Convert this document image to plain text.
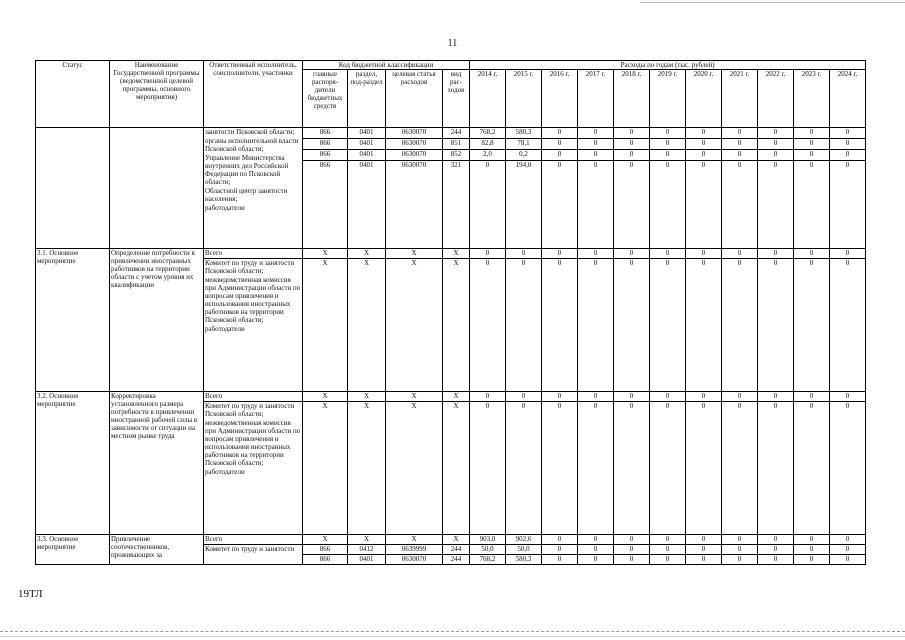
11
Статус	Наименование Государственной программы (ведомственной целевой программы, основного мероприятия)	Ответственный исполнитель, соисполнители, участники	Код бюджетной классификации				Расходы по годам (тыс. рублей)										
			главные распоря-дители бюджетных средств	раздел, под-раздел	целевая статья расходов	вид рас-ходов	2014 г.	2015 г.	2016 г.	2017 г.	2018 г.	2019 г.	2020 г.	2021 г.	2022 г.	2023 г.	2024 г.

		занятости Псковской области;
органы исполнительной власти Псковской области;
Управление Министерства внутренних дел Российской Федерации по Псковской области;
Областной центр занятости населения;
работодатели	866	0401	0630070	244	768,2	580,3	0	0	0	0	0	0	0	0	0
			866	0401	0630070	851	82,8	78,1	0	0	0	0	0	0	0	0	0
			866	0401	0630070	852	2,0	0,2	0	0	0	0	0	0	0	0	0
			866	0401	0630070	321	0	194,0	0	0	0	0	0	0	0	0	0
3.1. Основное мероприятие	Определение потребности в привлечении иностранных работников на территории области с учетом уровня их квалификации	Всего	X	X	X	X	0	0	0	0	0	0	0	0	0	0	0

		Комитет по труду и занятости Псковской области;
межведомственная комиссия при Администрации области по вопросам привлечения и использования иностранных работников на территории Псковской области;
работодатели	X	X	X	X	0	0	0	0	0	0	0	0	0	0	0
3.2. Основное мероприятие	Корректировка установленного размера потребности в привлечении иностранной рабочей силы в зависимости от ситуации на местном рынке труда	Всего	X	X	X	X	0	0	0	0	0	0	0	0	0	0	0

		Комитет по труду и занятости Псковской области;
межведомственная комиссия при Администрации области по вопросам привлечения и использования иностранных работников на территории Псковской области;
работодатели	X	X	X	X	0	0	0	0	0	0	0	0	0	0	0
3.3. Основное мероприятие	Привлечение соотечественников, проживающих за	Всего	X	X	X	X	903,0	902,6	0	0	0	0	0	0	0	0	0
		Комитет по труду и занятости	866	0412	0639999	244	50,0	50,0	0	0	0	0	0	0	0	0	0
			866	0401	0630070	244	768,2	580,3	0	0	0	0	0	0	0	0	0
19ТЛ
